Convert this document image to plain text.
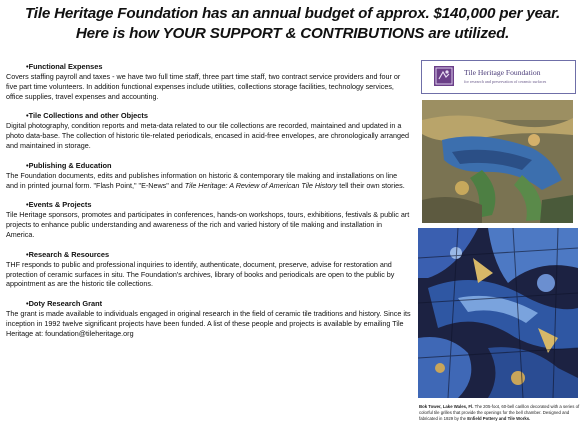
Tile Heritage Foundation has an annual budget of approx. $140,000 per year.
Here is how YOUR SUPPORT & CONTRIBUTIONS are utilized.
•Functional Expenses

Covers staffing payroll and taxes - we have two full time staff, three part time staff, two contract service providers and four or five part time volunteers. In addition functional expenses include utilities, collections storage facilities, technology services, office supplies, travel expenses and accounting.

•Tile Collections and other Objects

Digital photography, condition reports and meta-data related to our tile collections are recorded, maintained and updated in a photo data-base. The collection of historic tile-related periodicals, encased in acid-free envelopes, are chronologically arranged and maintained in storage.

•Publishing & Education

The Foundation documents, edits and publishes information on historic & contemporary tile making and installations on line and in printed journal form. "Flash Point," "E-News" and Tile Heritage: A Review of American Tile History tell their own stories.

•Events & Projects

Tile Heritage sponsors, promotes and participates in conferences, hands-on workshops, tours, exhibitions, festivals & public art projects to enhance public understanding and awareness of the rich and varied history of tile making and installation in America.

•Research & Resources

THF responds to public and professional inquiries to identify, authenticate, document, preserve, advise for restoration and protection of ceramic surfaces in situ. The Foundation's archives, library of books and periodicals are open to the public by appointment as are the historic tile collections.

•Doty Research Grant

The grant is made available to individuals engaged in original research in the field of ceramic tile traditions and history. Since its inception in 1992 twelve significant projects have been funded. A list of these people and projects is available by emailing Tile Heritage at: foundation@tileheritage.org

Tile Heritage Foundation
for research and preservation of ceramic surfaces
Bok Tower, Lake Wales, Fl. The 205-foot, 60-bell carillon decorated with a series of colorful tile grilles that provide the openings for the bell chamber. Designed and fabricated in 1929 by the Enfield Pottery and Tile Works.
